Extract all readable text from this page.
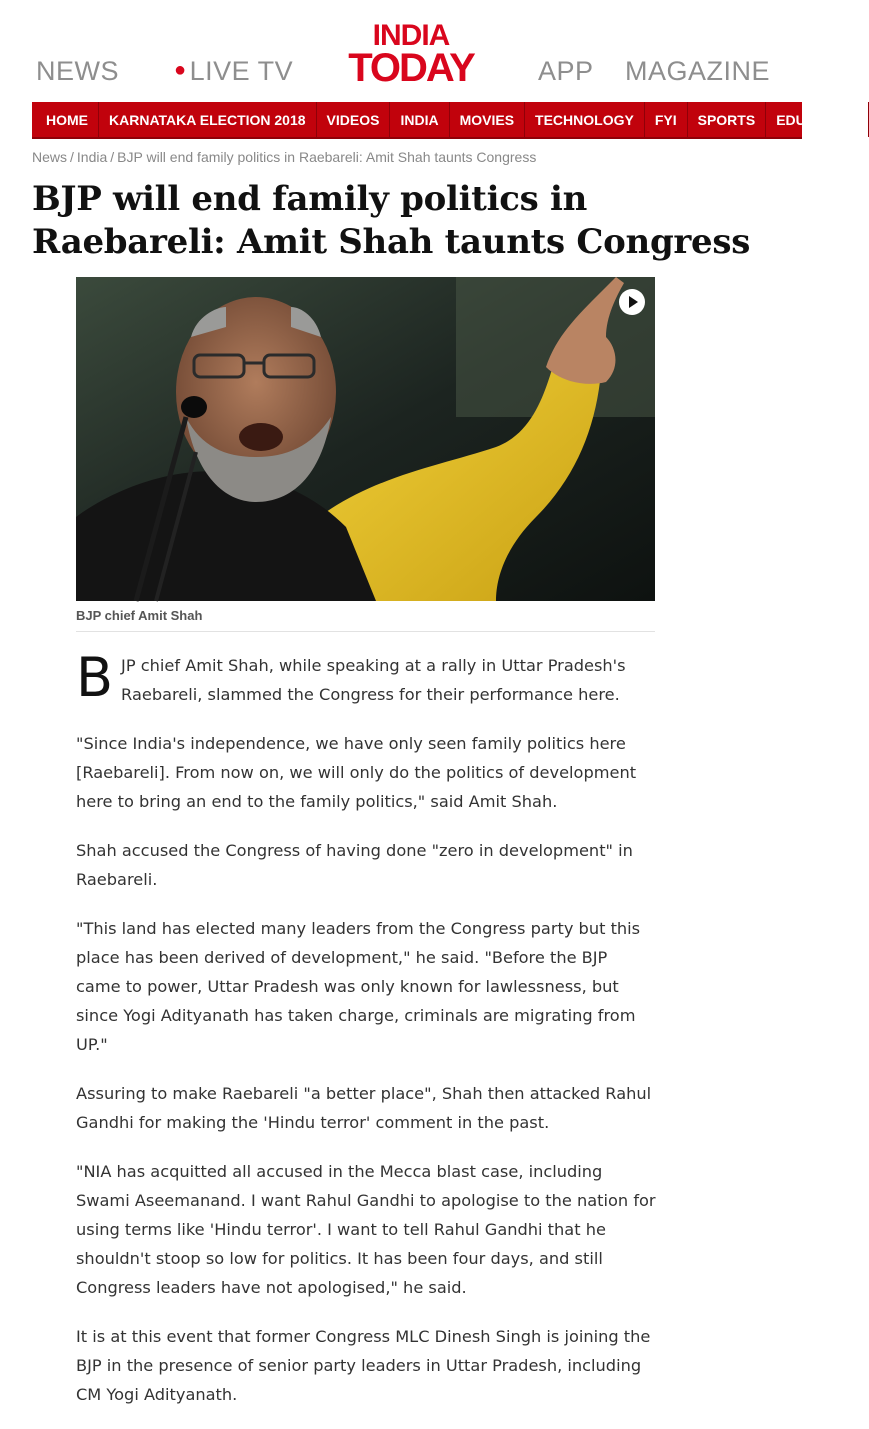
NEWS	● LIVE TV
INDIA
TODAY	APP MAGAZINE
HOME KARNATAKA ELECTION 2018 VIDEOS INDIA MOVIES TECHNOLOGY FYI SPORTS EDUCATION
News / India / BJP will end family politics in Raebareli: Amit Shah taunts Congress
BJP will end family politics in Raebareli: Amit Shah taunts Congress
BJP chief Amit Shah

BJP chief Amit Shah, while speaking at a rally in Uttar Pradesh's Raebareli, slammed the Congress for their performance here.

"Since India's independence, we have only seen family politics here [Raebareli]. From now on, we will only do the politics of development here to bring an end to the family politics," said Amit Shah.

Shah accused the Congress of having done "zero in development" in Raebareli.

"This land has elected many leaders from the Congress party but this place has been derived of development," he said. "Before the BJP came to power, Uttar Pradesh was only known for lawlessness, but since Yogi Adityanath has taken charge, criminals are migrating from UP."

Assuring to make Raebareli "a better place", Shah then attacked Rahul Gandhi for making the 'Hindu terror' comment in the past.

"NIA has acquitted all accused in the Mecca blast case, including Swami Aseemanand. I want Rahul Gandhi to apologise to the nation for using terms like 'Hindu terror'. I want to tell Rahul Gandhi that he shouldn't stoop so low for politics. It has been four days, and still Congress leaders have not apologised," he said.

It is at this event that former Congress MLC Dinesh Singh is joining the BJP in the presence of senior party leaders in Uttar Pradesh, including CM Yogi Adityanath.
